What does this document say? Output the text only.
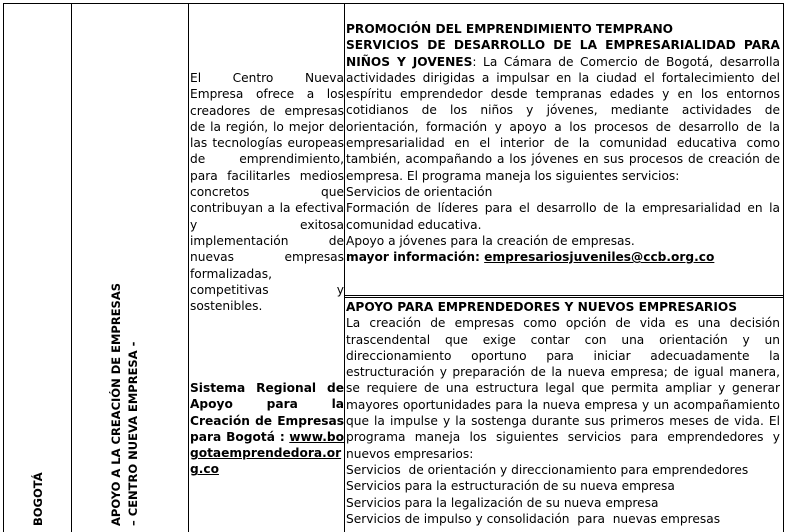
BOGOTÁ	APOYO A LA CREACIÓN DE EMPRESAS – CENTRO NUEVA EMPRESA -

El Centro Nueva Empresa ofrece a los creadores de empresas de la región, lo mejor de las tecnologías europeas de emprendimiento, para facilitarles medios concretos que contribuyan a la efectiva y exitosa implementación de nuevas empresas formalizadas, competitivas y sostenibles.

Sistema Regional de Apoyo para la Creación de Empresas para Bogotá : www.bogotaemprendedora.org.co

PROMOCIÓN DEL EMPRENDIMIENTO TEMPRANO

SERVICIOS DE DESARROLLO DE LA EMPRESARIALIDAD PARA NIÑOS Y JOVENES: La Cámara de Comercio de Bogotá, desarrolla actividades dirigidas a impulsar en la ciudad el fortalecimiento del espíritu emprendedor desde tempranas edades y en los entornos cotidianos de los niños y jóvenes, mediante actividades de orientación, formación y apoyo a los procesos de desarrollo de la empresarialidad en el interior de la comunidad educativa como también, acompañando a los jóvenes en sus procesos de creación de empresa. El programa maneja los siguientes servicios:

Servicios de orientación

Formación de líderes para el desarrollo de la empresarialidad en la comunidad educativa.

Apoyo a jóvenes para la creación de empresas.

mayor información: empresariosjuveniles@ccb.org.co

APOYO PARA EMPRENDEDORES Y NUEVOS EMPRESARIOS

La creación de empresas como opción de vida es una decisión trascendental que exige contar con una orientación y un direccionamiento oportuno para iniciar adecuadamente la estructuración y preparación de la nueva empresa; de igual manera, se requiere de una estructura legal que permita ampliar y generar mayores oportunidades para la nueva empresa y un acompañamiento que la impulse y la sostenga durante sus primeros meses de vida. El programa maneja los siguientes servicios para emprendedores y nuevos empresarios:

Servicios  de orientación y direccionamiento para emprendedores

Servicios para la estructuración de su nueva empresa

Servicios para la legalización de su nueva empresa

Servicios de impulso y consolidación  para  nuevas empresas
